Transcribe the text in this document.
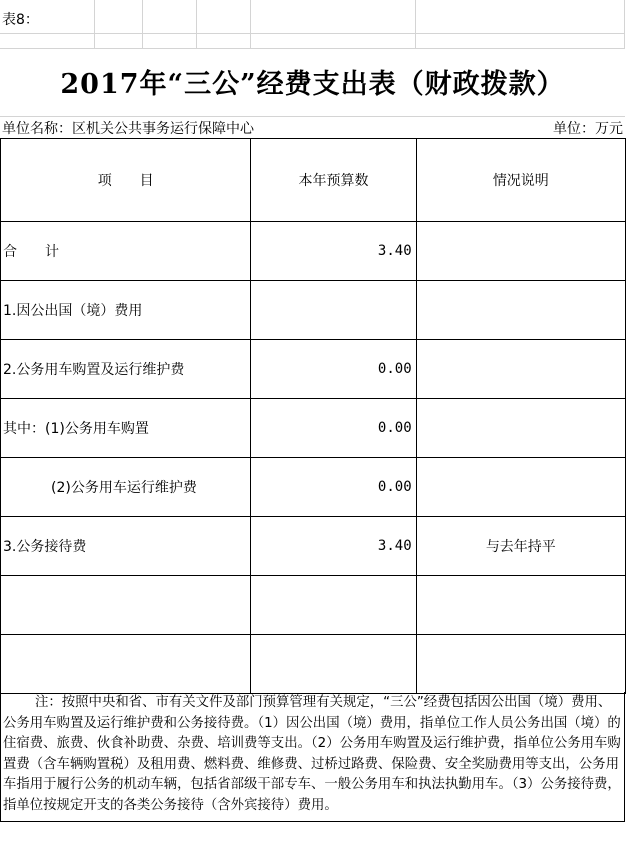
表8：
2017年“三公”经费支出表（财政拨款）
单位名称：区机关公共事务运行保障中心	单位：万元
项　　目	本年预算数	情况说明
合　　计	3.40	
1.因公出国（境）费用		
2.公务用车购置及运行维护费	0.00	
其中：(1)公务用车购置	0.00	
(2)公务用车运行维护费	0.00	
3.公务接待费	3.40	与去年持平

注：按照中央和省、市有关文件及部门预算管理有关规定，“三公”经费包括因公出国（境）费用、公务用车购置及运行维护费和公务接待费。（1）因公出国（境）费用，指单位工作人员公务出国（境）的住宿费、旅费、伙食补助费、杂费、培训费等支出。（2）公务用车购置及运行维护费，指单位公务用车购置费（含车辆购置税）及租用费、燃料费、维修费、过桥过路费、保险费、安全奖励费用等支出，公务用车指用于履行公务的机动车辆，包括省部级干部专车、一般公务用车和执法执勤用车。（3）公务接待费，指单位按规定开支的各类公务接待（含外宾接待）费用。
